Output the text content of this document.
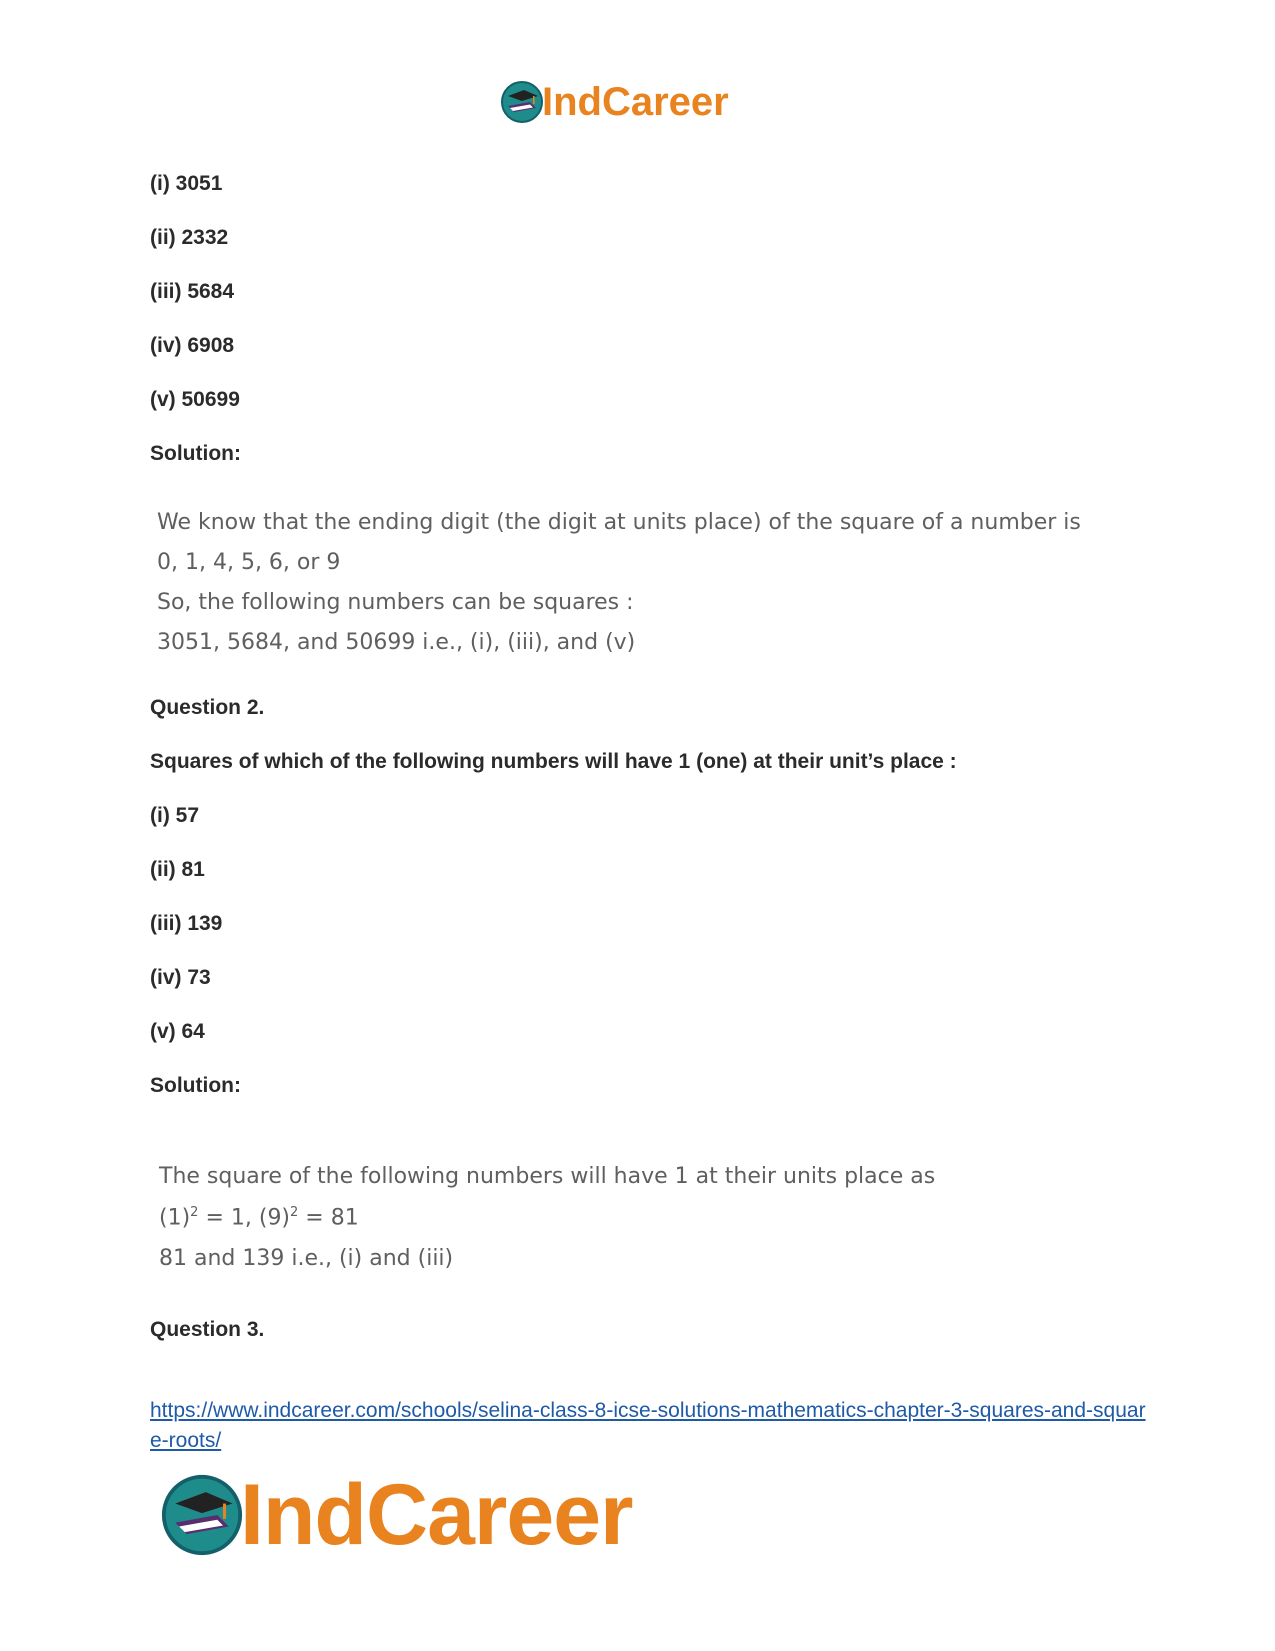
IndCareer
(i) 3051
(ii) 2332
(iii) 5684
(iv) 6908
(v) 50699
Solution:
We know that the ending digit (the digit at units place) of the square of a number is
0, 1, 4, 5, 6, or 9
So, the following numbers can be squares :
3051, 5684, and 50699 i.e., (i), (iii), and (v)
Question 2.
Squares of which of the following numbers will have 1 (one) at their unit’s place :
(i) 57
(ii) 81
(iii) 139
(iv) 73
(v) 64
Solution:
The square of the following numbers will have 1 at their units place as
$(1)^2 = 1$, $(9)^2 = 81$
81 and 139 i.e., (i) and (iii)
Question 3.
https://www.indcareer.com/schools/selina-class-8-icse-solutions-mathematics-chapter-3-squares-and-square-roots/
IndCareer
